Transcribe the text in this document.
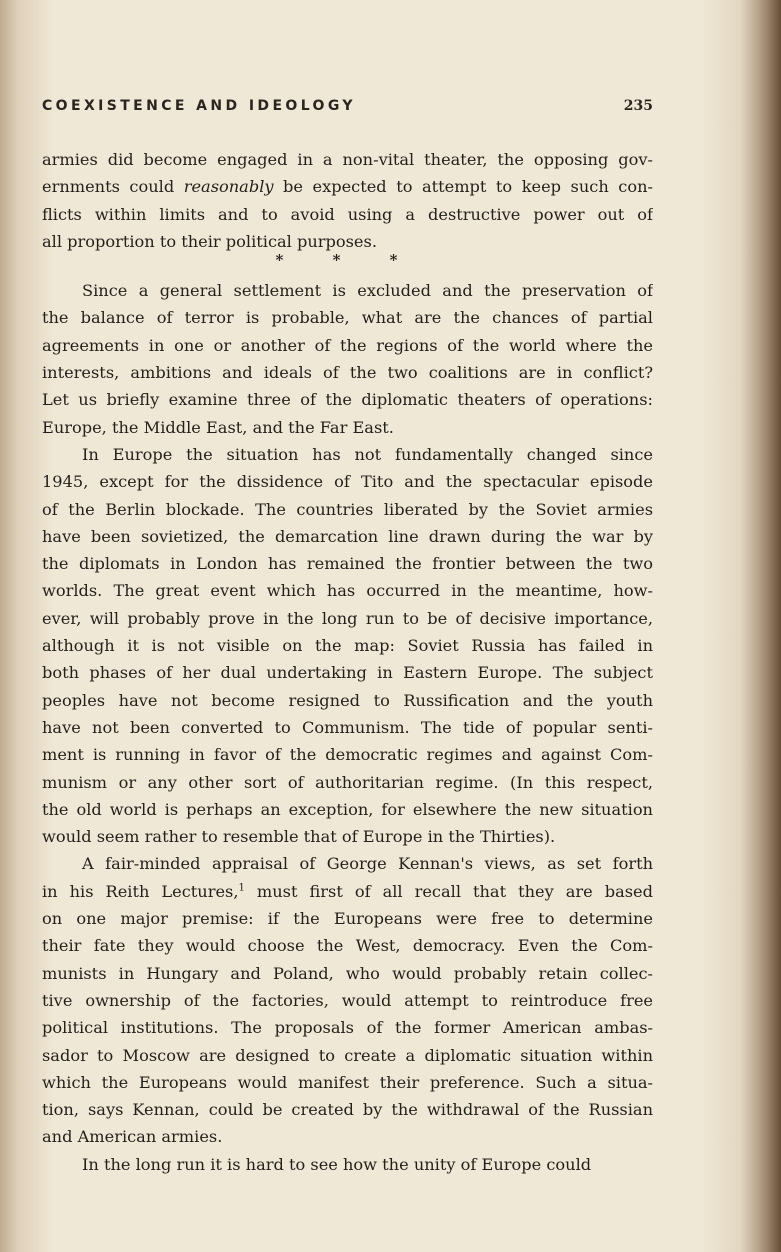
COEXISTENCE AND IDEOLOGY	235
armies did become engaged in a non-vital theater, the opposing gov-
ernments could reasonably be expected to attempt to keep such con-
flicts within limits and to avoid using a destructive power out of
all proportion to their political purposes.
* * *
Since a general settlement is excluded and the preservation of
the balance of terror is probable, what are the chances of partial
agreements in one or another of the regions of the world where the
interests, ambitions and ideals of the two coalitions are in conflict?
Let us briefly examine three of the diplomatic theaters of operations:
Europe, the Middle East, and the Far East.
In Europe the situation has not fundamentally changed since
1945, except for the dissidence of Tito and the spectacular episode
of the Berlin blockade. The countries liberated by the Soviet armies
have been sovietized, the demarcation line drawn during the war by
the diplomats in London has remained the frontier between the two
worlds. The great event which has occurred in the meantime, how-
ever, will probably prove in the long run to be of decisive importance,
although it is not visible on the map: Soviet Russia has failed in
both phases of her dual undertaking in Eastern Europe. The subject
peoples have not become resigned to Russification and the youth
have not been converted to Communism. The tide of popular senti-
ment is running in favor of the democratic regimes and against Com-
munism or any other sort of authoritarian regime. (In this respect,
the old world is perhaps an exception, for elsewhere the new situation
would seem rather to resemble that of Europe in the Thirties).
A fair-minded appraisal of George Kennan's views, as set forth
in his Reith Lectures,$^1$ must first of all recall that they are based
on one major premise: if the Europeans were free to determine
their fate they would choose the West, democracy. Even the Com-
munists in Hungary and Poland, who would probably retain collec-
tive ownership of the factories, would attempt to reintroduce free
political institutions. The proposals of the former American ambas-
sador to Moscow are designed to create a diplomatic situation within
which the Europeans would manifest their preference. Such a situa-
tion, says Kennan, could be created by the withdrawal of the Russian
and American armies.
In the long run it is hard to see how the unity of Europe could
